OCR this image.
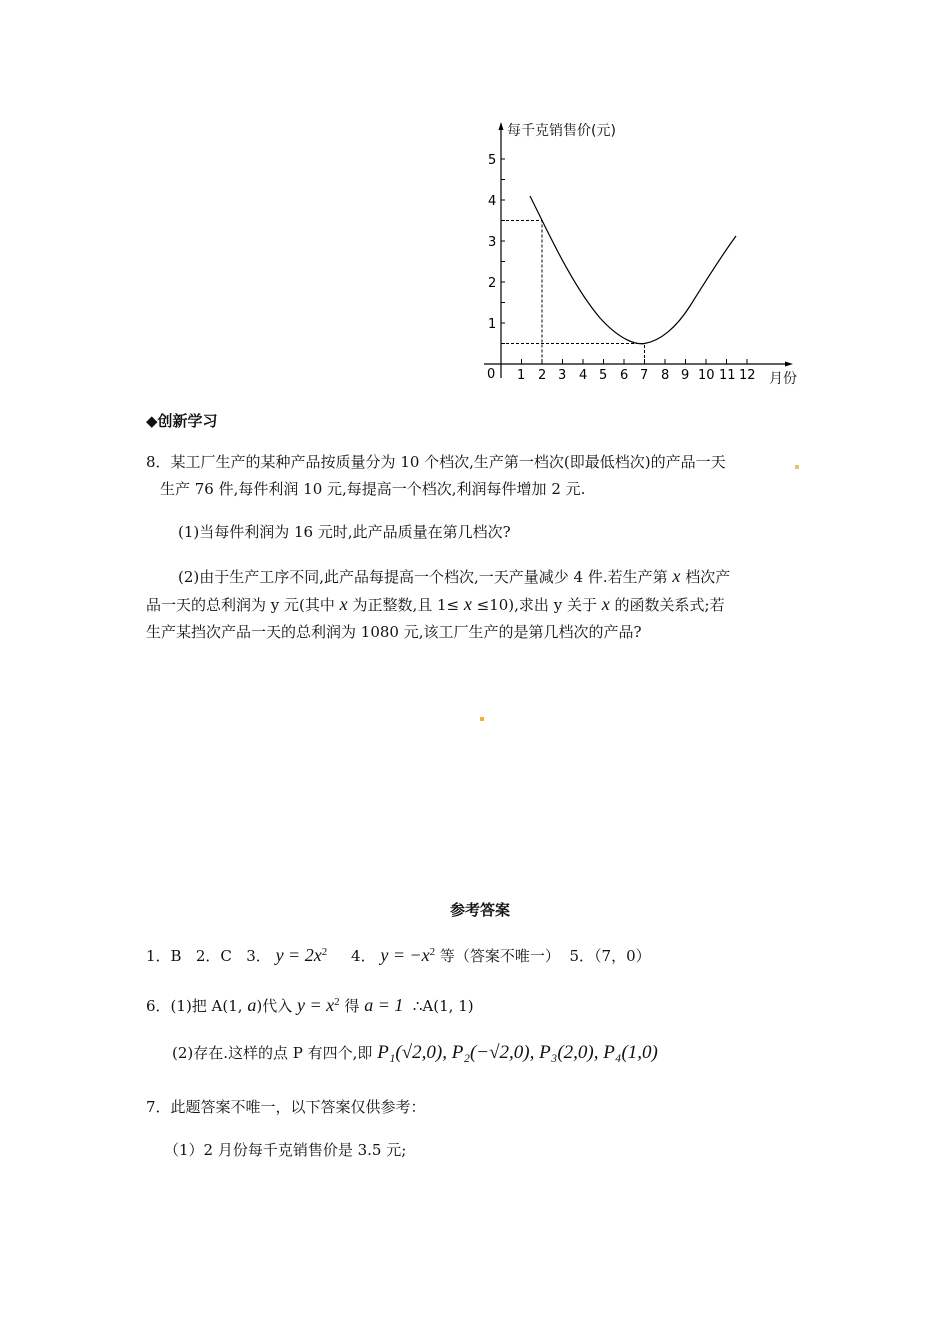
5
4
3
2
1
0 1 2 3 4 5 6 7 8 9 10 11 12
每千克销售价(元)
月份
◆创新学习
8．某工厂生产的某种产品按质量分为 10 个档次,生产第一档次(即最低档次)的产品一天
生产 76 件,每件利润 10 元,每提高一个档次,利润每件增加 2 元.
(1)当每件利润为 16 元时,此产品质量在第几档次?
(2)由于生产工序不同,此产品每提高一个档次,一天产量减少 4 件.若生产第 x 档次产
品一天的总利润为 y 元(其中 x 为正整数,且 1≤ x ≤10),求出 y 关于 x 的函数关系式;若
生产某挡次产品一天的总利润为 1080 元,该工厂生产的是第几档次的产品?
参考答案
1．B 2．C 3． $y = 2x^2$ 4． $y = -x^2$ 等（答案不唯一） 5．（7，0）
6．(1)把 A(1, a)代入 $y = x^2$ 得 a = 1 ∴A(1, 1)
(2)存在.这样的点 P 有四个,即 P₁(√2,0), P₂(−√2,0), P₃(2,0), P₄(1,0)
7．此题答案不唯一，以下答案仅供参考：
（1）2 月份每千克销售价是 3.5 元;
